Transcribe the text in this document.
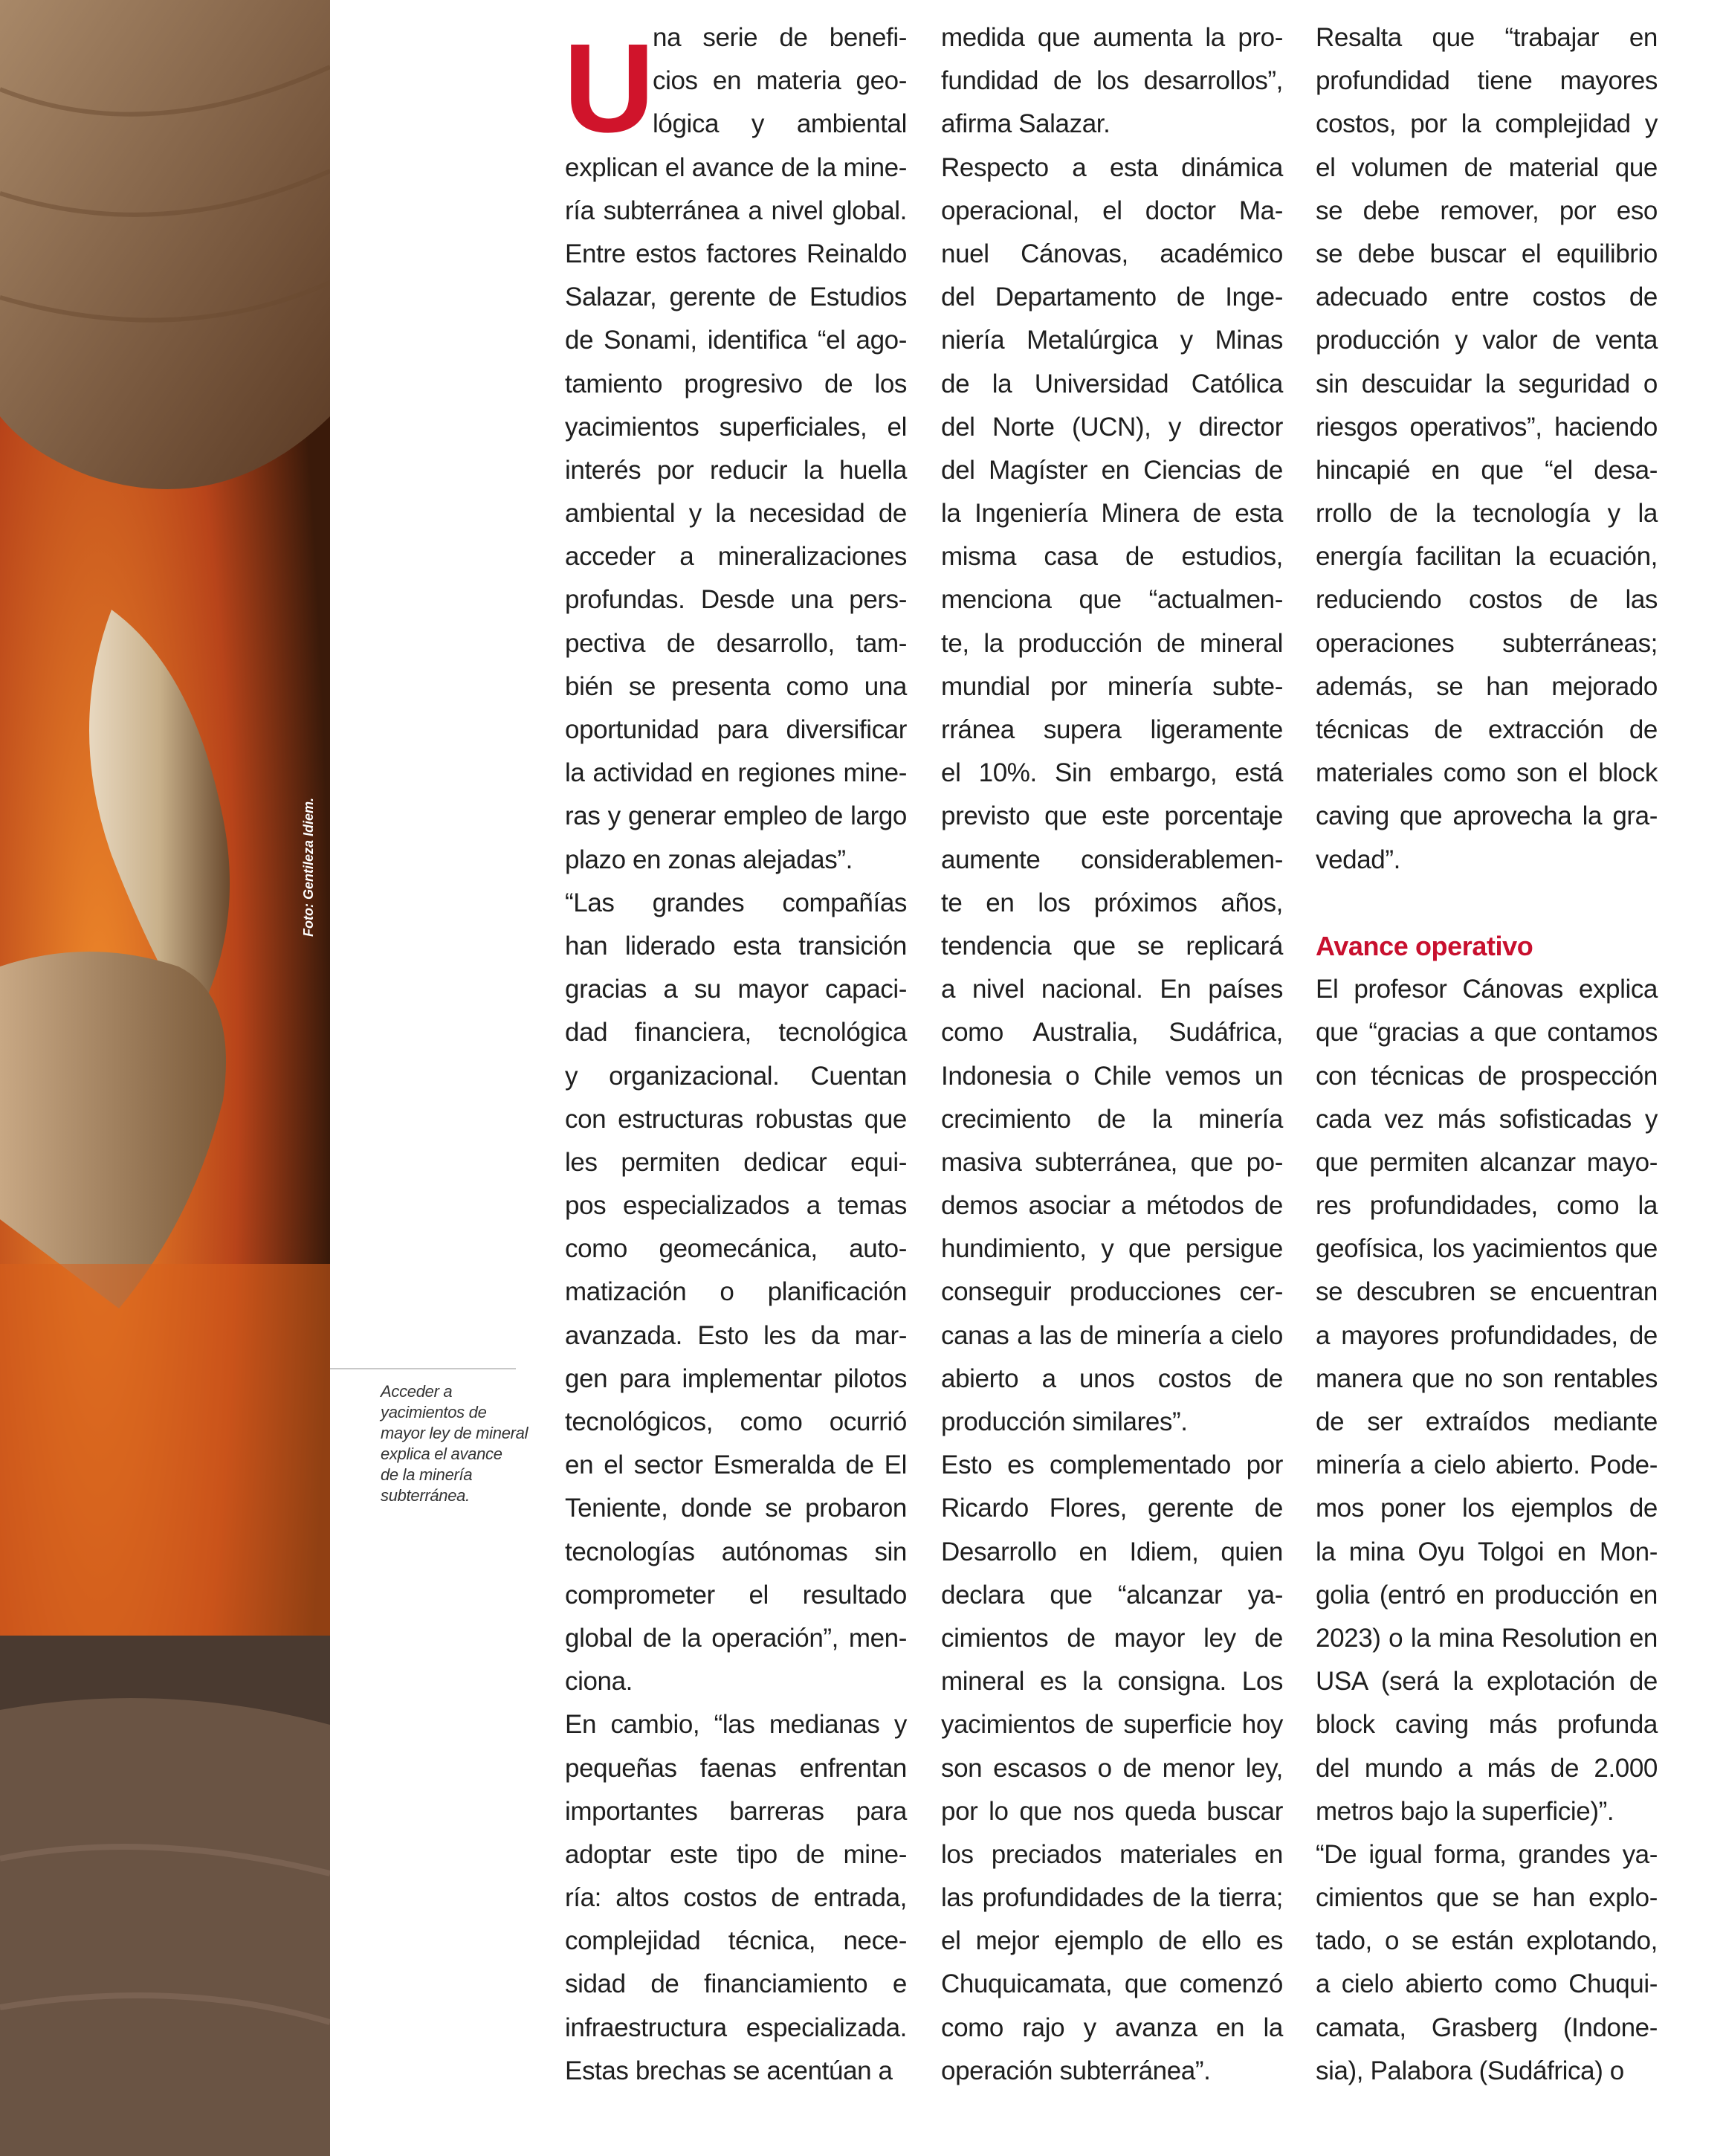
Foto: Gentileza Idiem.
Acceder a
yacimientos de
mayor ley de mineral
explica el avance
de la minería
subterránea.
U na serie de benefi-
cios en materia geo-
lógica y ambiental
explican el avance de la mine-
ría subterránea a nivel global.
Entre estos factores Reinaldo
Salazar, gerente de Estudios
de Sonami, identifica “el ago-
tamiento progresivo de los
yacimientos superficiales, el
interés por reducir la huella
ambiental y la necesidad de
acceder a mineralizaciones
profundas. Desde una pers-
pectiva de desarrollo, tam-
bién se presenta como una
oportunidad para diversificar
la actividad en regiones mine-
ras y generar empleo de largo
plazo en zonas alejadas”.
“Las grandes compañías
han liderado esta transición
gracias a su mayor capaci-
dad financiera, tecnológica
y organizacional. Cuentan
con estructuras robustas que
les permiten dedicar equi-
pos especializados a temas
como geomecánica, auto-
matización o planificación
avanzada. Esto les da mar-
gen para implementar pilotos
tecnológicos, como ocurrió
en el sector Esmeralda de El
Teniente, donde se probaron
tecnologías autónomas sin
comprometer el resultado
global de la operación”, men-
ciona.
En cambio, “las medianas y
pequeñas faenas enfrentan
importantes barreras para
adoptar este tipo de mine-
ría: altos costos de entrada,
complejidad técnica, nece-
sidad de financiamiento e
infraestructura especializada.
Estas brechas se acentúan a
medida que aumenta la pro-
fundidad de los desarrollos”,
afirma Salazar.
Respecto a esta dinámica
operacional, el doctor Ma-
nuel Cánovas, académico
del Departamento de Inge-
niería Metalúrgica y Minas
de la Universidad Católica
del Norte (UCN), y director
del Magíster en Ciencias de
la Ingeniería Minera de esta
misma casa de estudios,
menciona que “actualmen-
te, la producción de mineral
mundial por minería subte-
rránea supera ligeramente
el 10%. Sin embargo, está
previsto que este porcentaje
aumente considerablemen-
te en los próximos años,
tendencia que se replicará
a nivel nacional. En países
como Australia, Sudáfrica,
Indonesia o Chile vemos un
crecimiento de la minería
masiva subterránea, que po-
demos asociar a métodos de
hundimiento, y que persigue
conseguir producciones cer-
canas a las de minería a cielo
abierto a unos costos de
producción similares”.
Esto es complementado por
Ricardo Flores, gerente de
Desarrollo en Idiem, quien
declara que “alcanzar ya-
cimientos de mayor ley de
mineral es la consigna. Los
yacimientos de superficie hoy
son escasos o de menor ley,
por lo que nos queda buscar
los preciados materiales en
las profundidades de la tierra;
el mejor ejemplo de ello es
Chuquicamata, que comenzó
como rajo y avanza en la
operación subterránea”.
Resalta que “trabajar en
profundidad tiene mayores
costos, por la complejidad y
el volumen de material que
se debe remover, por eso
se debe buscar el equilibrio
adecuado entre costos de
producción y valor de venta
sin descuidar la seguridad o
riesgos operativos”, haciendo
hincapié en que “el desa-
rrollo de la tecnología y la
energía facilitan la ecuación,
reduciendo costos de las
operaciones subterráneas;
además, se han mejorado
técnicas de extracción de
materiales como son el block
caving que aprovecha la gra-
vedad”.
Avance operativo
El profesor Cánovas explica
que “gracias a que contamos
con técnicas de prospección
cada vez más sofisticadas y
que permiten alcanzar mayo-
res profundidades, como la
geofísica, los yacimientos que
se descubren se encuentran
a mayores profundidades, de
manera que no son rentables
de ser extraídos mediante
minería a cielo abierto. Pode-
mos poner los ejemplos de
la mina Oyu Tolgoi en Mon-
golia (entró en producción en
2023) o la mina Resolution en
USA (será la explotación de
block caving más profunda
del mundo a más de 2.000
metros bajo la superficie)”.
“De igual forma, grandes ya-
cimientos que se han explo-
tado, o se están explotando,
a cielo abierto como Chuqui-
camata, Grasberg (Indone-
sia), Palabora (Sudáfrica) o
